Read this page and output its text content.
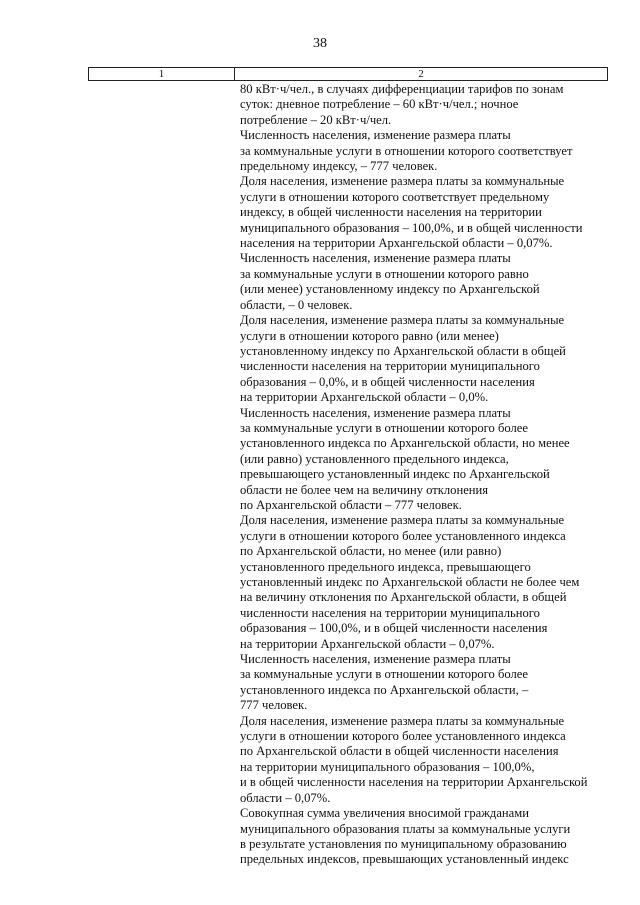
38
1	2
80 кВт·ч/чел., в случаях дифференциации тарифов по зонам
суток: дневное потребление – 60 кВт·ч/чел.; ночное
потребление – 20 кВт·ч/чел.
Численность населения, изменение размера платы
за коммунальные услуги в отношении которого соответствует
предельному индексу, – 777 человек.
Доля населения, изменение размера платы за коммунальные
услуги в отношении которого соответствует предельному
индексу, в общей численности населения на территории
муниципального образования – 100,0%, и в общей численности
населения на территории Архангельской области – 0,07%.
Численность населения, изменение размера платы
за коммунальные услуги в отношении которого равно
(или менее) установленному индексу по Архангельской
области, – 0 человек.
Доля населения, изменение размера платы за коммунальные
услуги в отношении которого равно (или менее)
установленному индексу по Архангельской области в общей
численности населения на территории муниципального
образования – 0,0%, и в общей численности населения
на территории Архангельской области – 0,0%.
Численность населения, изменение размера платы
за коммунальные услуги в отношении которого более
установленного индекса по Архангельской области, но менее
(или равно) установленного предельного индекса,
превышающего установленный индекс по Архангельской
области не более чем на величину отклонения
по Архангельской области – 777 человек.
Доля населения, изменение размера платы за коммунальные
услуги в отношении которого более установленного индекса
по Архангельской области, но менее (или равно)
установленного предельного индекса, превышающего
установленный индекс по Архангельской области не более чем
на величину отклонения по Архангельской области, в общей
численности населения на территории муниципального
образования – 100,0%, и в общей численности населения
на территории Архангельской области – 0,07%.
Численность населения, изменение размера платы
за коммунальные услуги в отношении которого более
установленного индекса по Архангельской области, –
777 человек.
Доля населения, изменение размера платы за коммунальные
услуги в отношении которого более установленного индекса
по Архангельской области в общей численности населения
на территории муниципального образования – 100,0%,
и в общей численности населения на территории Архангельской
области – 0,07%.
Совокупная сумма увеличения вносимой гражданами
муниципального образования платы за коммунальные услуги
в результате установления по муниципальному образованию
предельных индексов, превышающих установленный индекс
